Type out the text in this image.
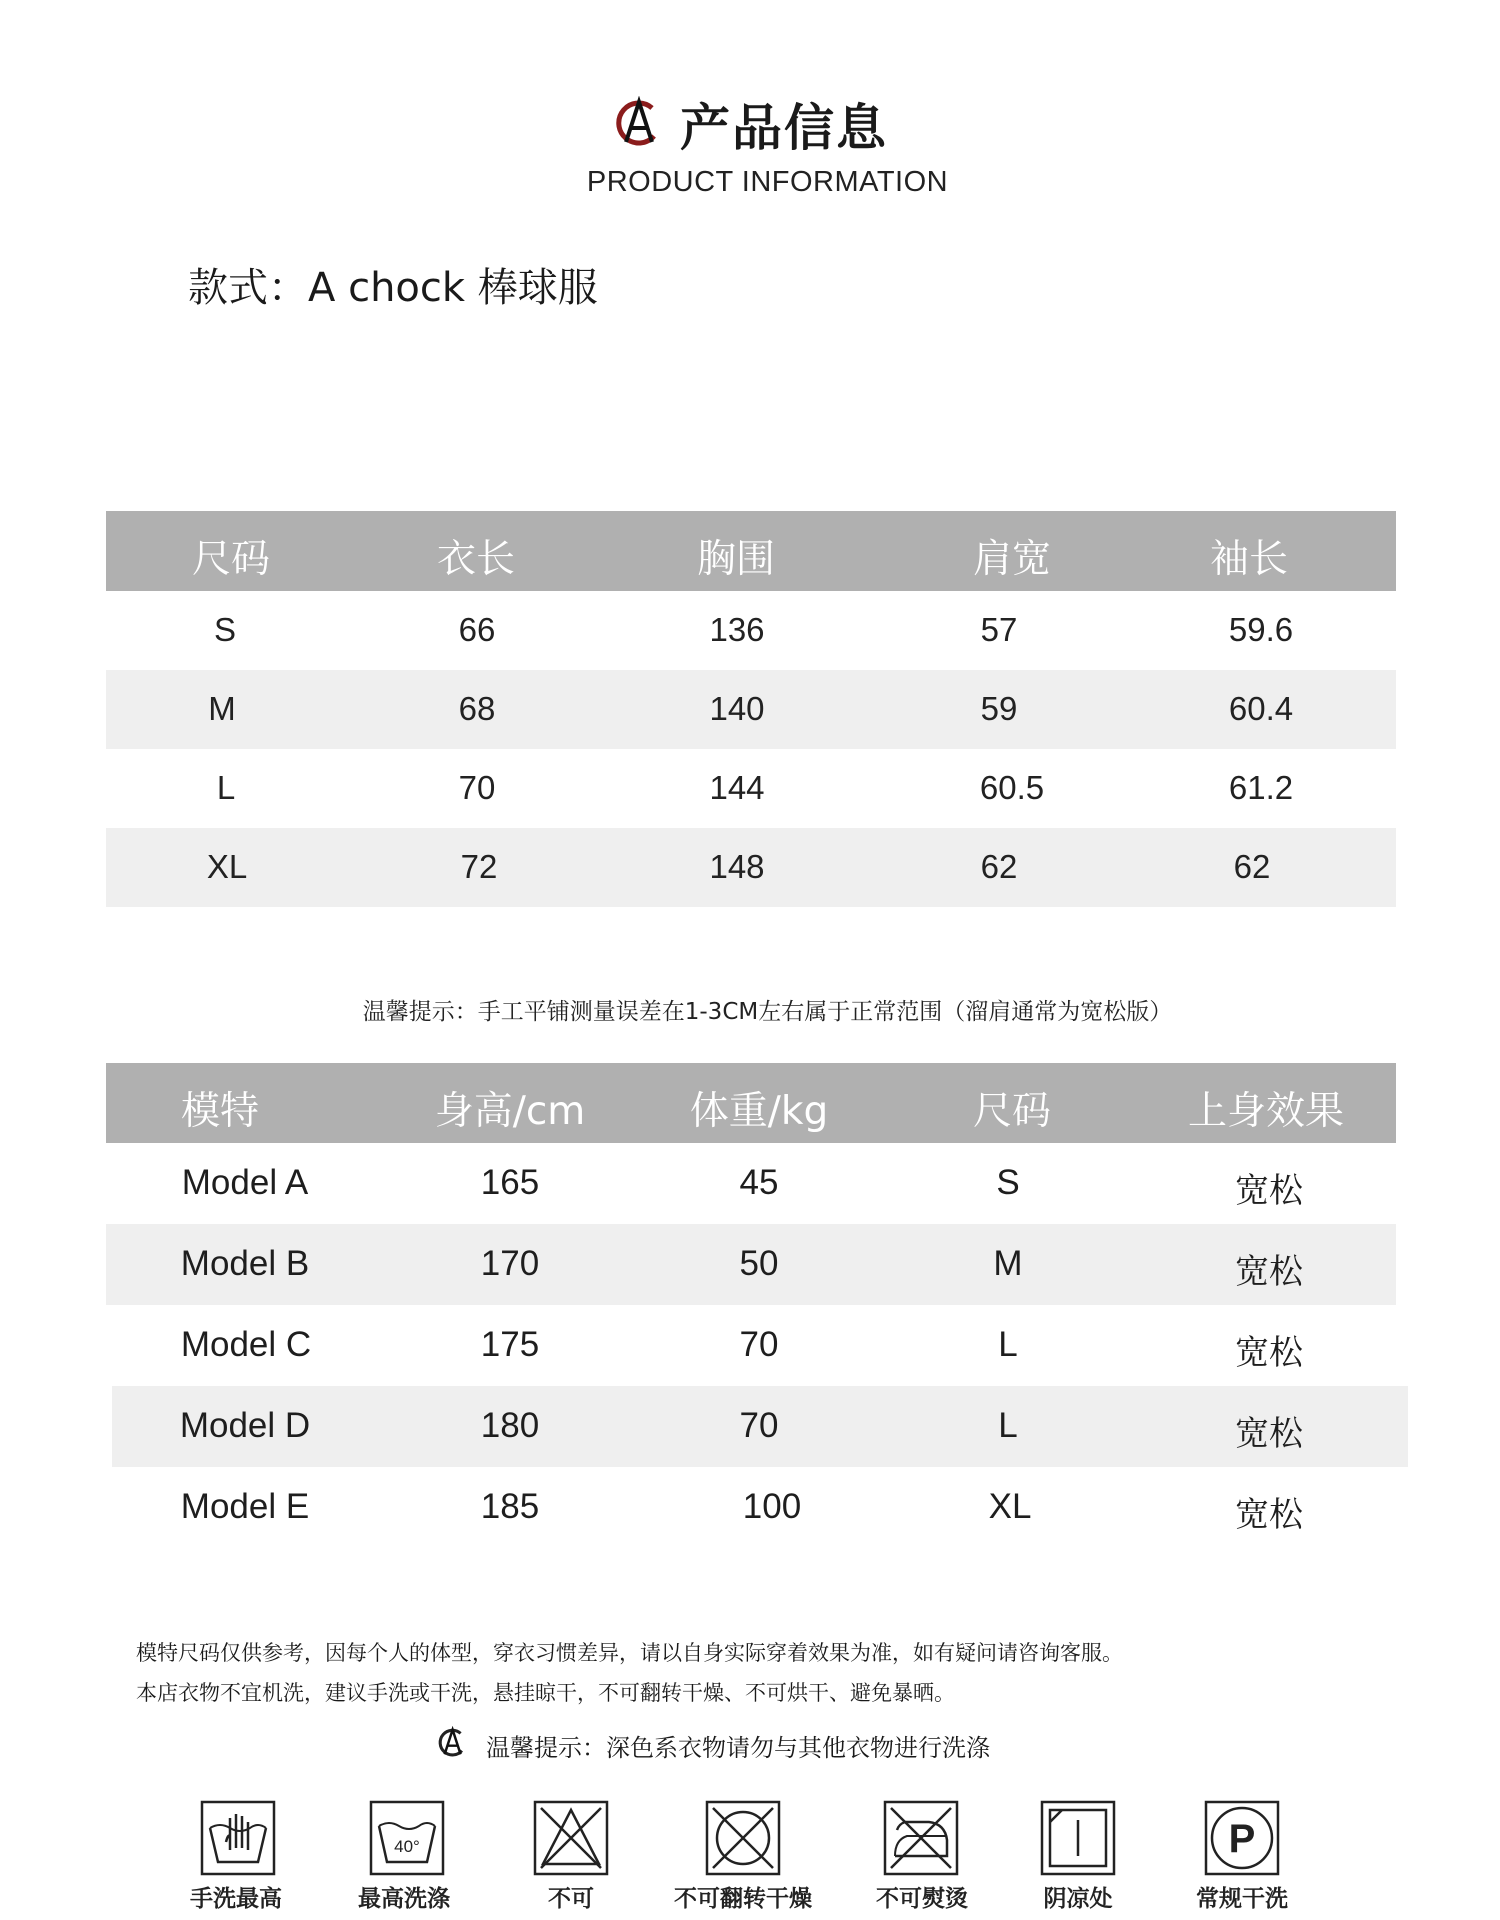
产品信息
PRODUCT INFORMATION
款式：A chock 棒球服
尺码	衣长	胸围	肩宽	袖长
S	66	136	57	59.6
M	68	140	59	60.4
L	70	144	60.5	61.2
XL	72	148	62	62
温馨提示：手工平铺测量误差在1-3CM左右属于正常范围（溜肩通常为宽松版）
模特	身高/cm	体重/kg	尺码	上身效果
Model A	165	45	S	宽松
Model B	170	50	M	宽松
Model C	175	70	L	宽松
Model D	180	70	L	宽松
Model E	185	100	XL	宽松
模特尺码仅供参考，因每个人的体型，穿衣习惯差异，请以自身实际穿着效果为准，如有疑问请咨询客服。
本店衣物不宜机洗，建议手洗或干洗，悬挂晾干，不可翻转干燥、不可烘干、避免暴晒。
温馨提示：深色系衣物请勿与其他衣物进行洗涤
手洗最高
40°
最高洗涤	不可	不可翻转干燥	不可熨烫	阴凉处
P
常规干洗
